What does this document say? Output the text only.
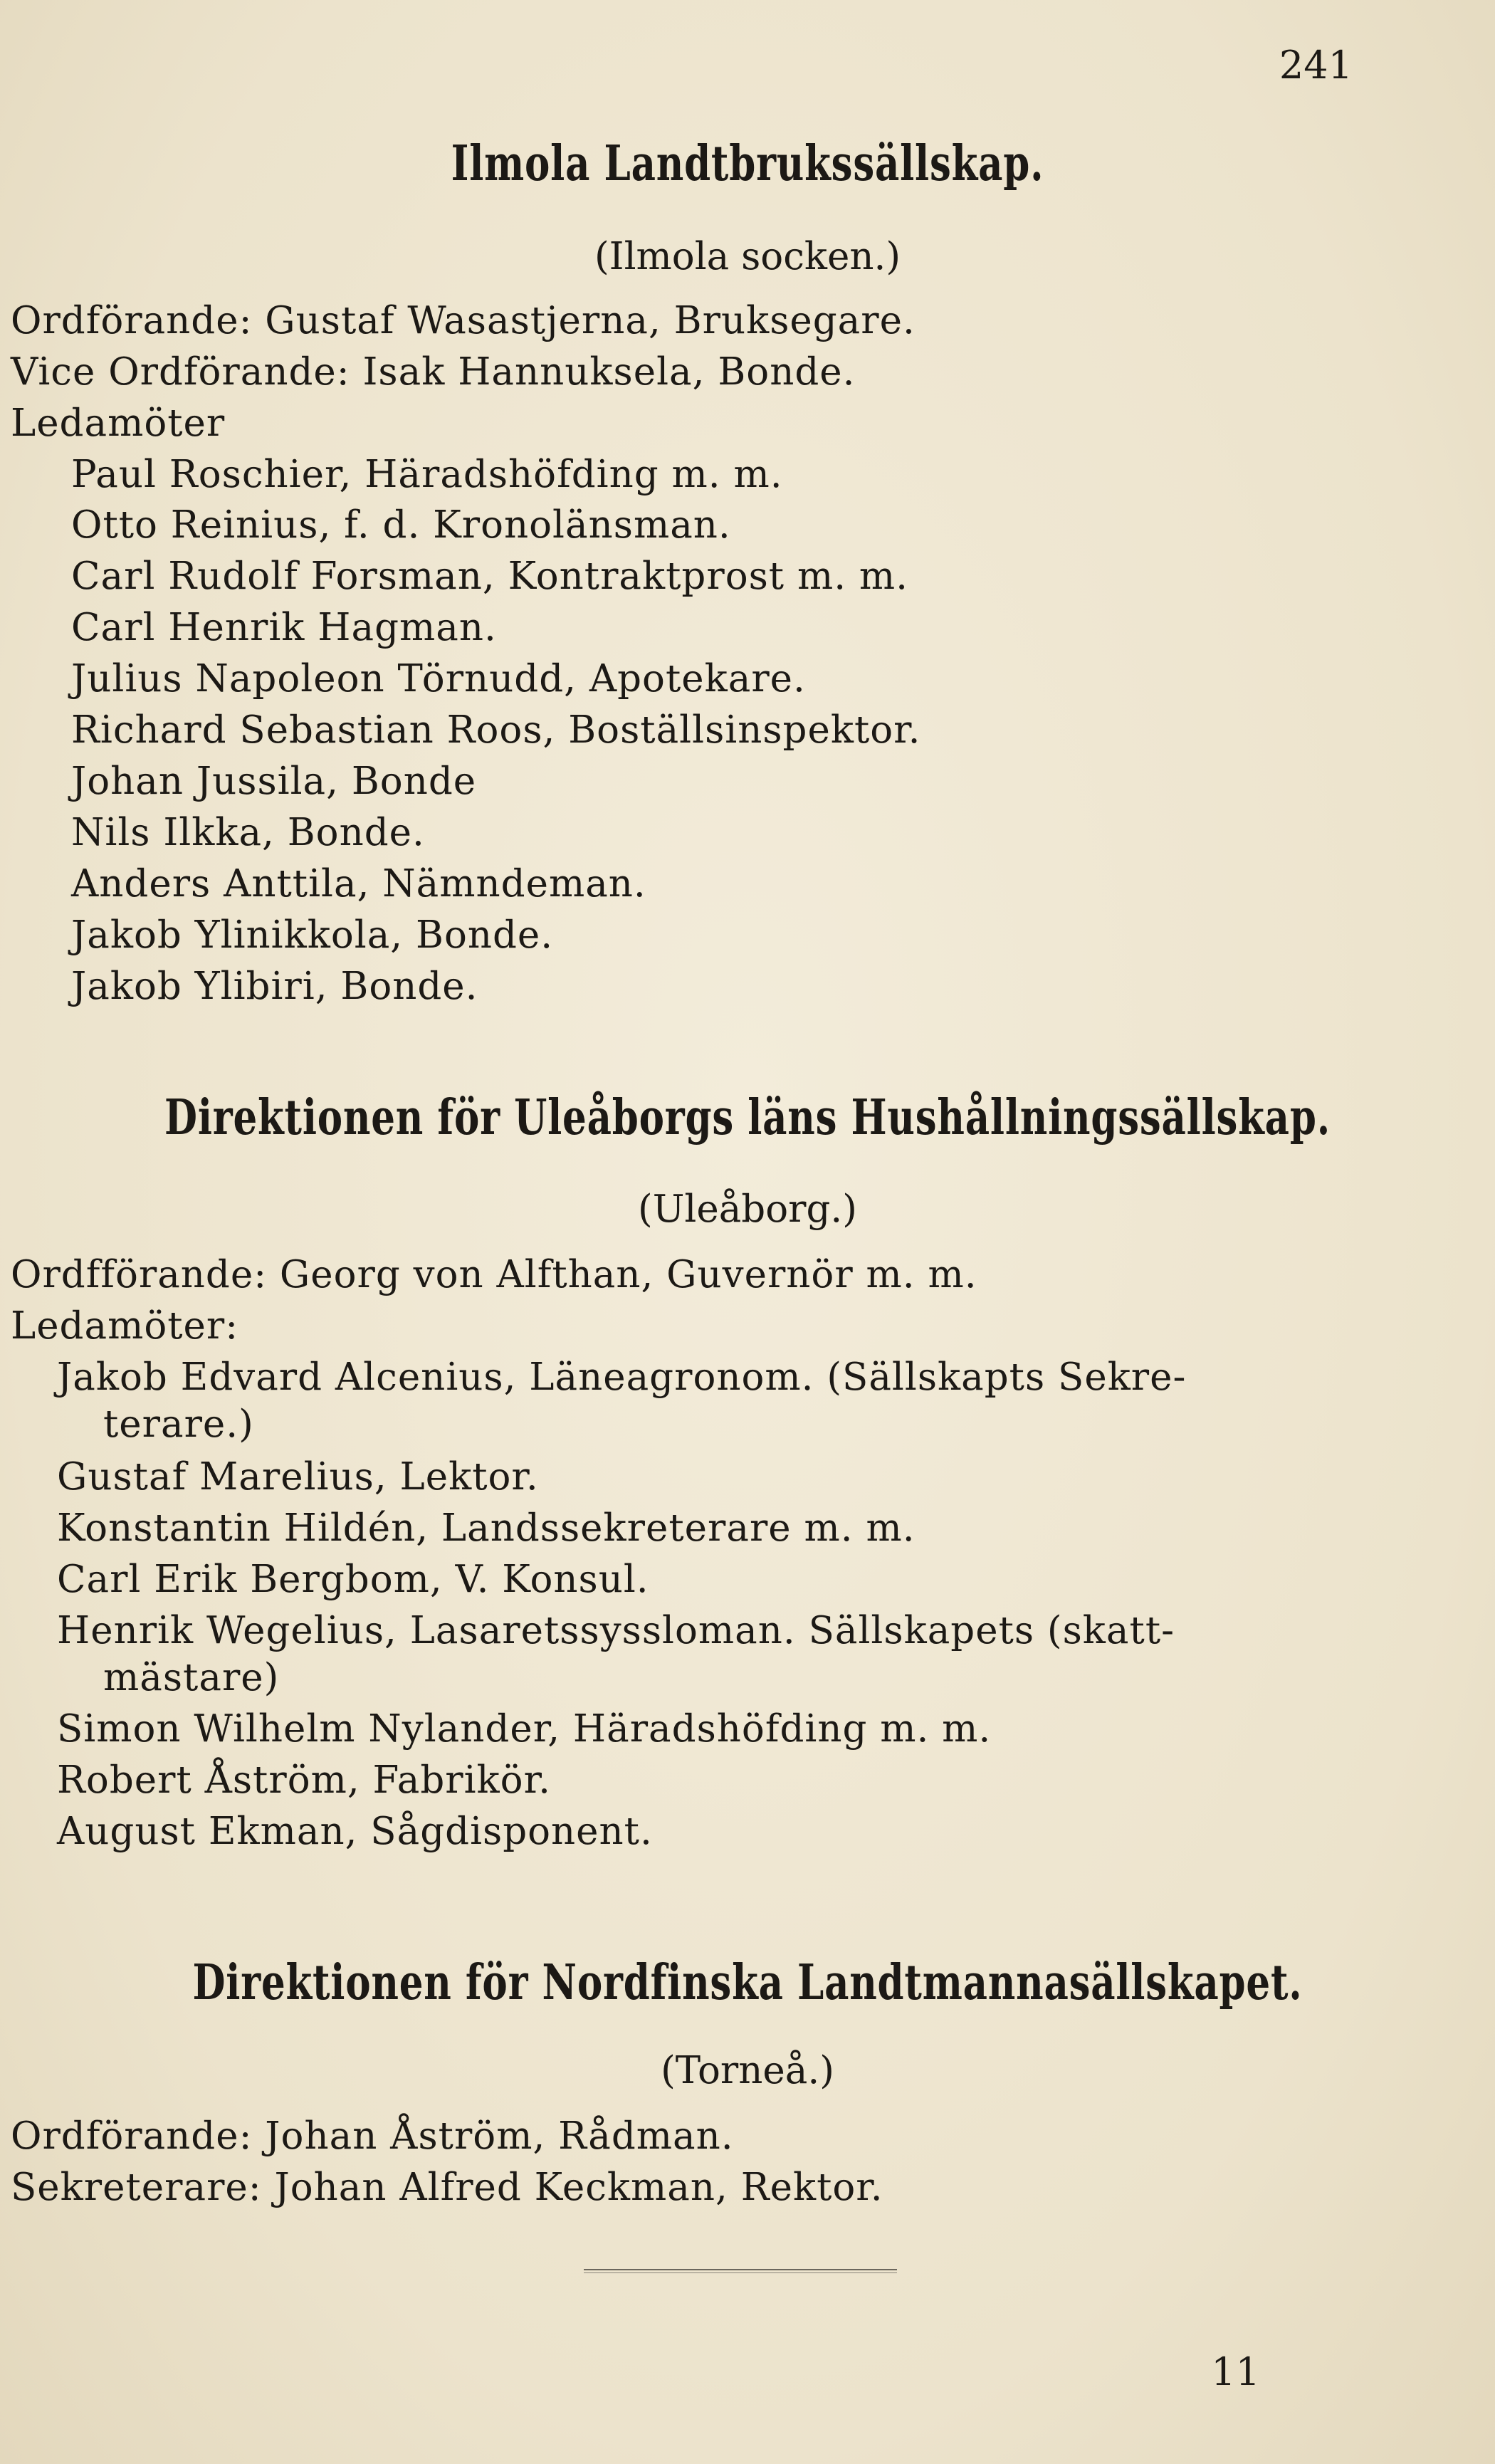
241
Ilmola Landtbrukssällskap.
(Ilmola socken.)
Ordförande: Gustaf Wasastjerna, Bruksegare.
Vice Ordförande: Isak Hannuksela, Bonde.
Ledamöter
Paul Roschier, Häradshöfding m. m.
Otto Reinius, f. d. Kronolänsman.
Carl Rudolf Forsman, Kontraktprost m. m.
Carl Henrik Hagman.
Julius Napoleon Törnudd, Apotekare.
Richard Sebastian Roos, Boställsinspektor.
Johan Jussila, Bonde
Nils Ilkka, Bonde.
Anders Anttila, Nämndeman.
Jakob Ylinikkola, Bonde.
Jakob Ylibiri, Bonde.
Direktionen för Uleåborgs läns Hushållningssällskap.
(Uleåborg.)
Ordfförande: Georg von Alfthan, Guvernör m. m.
Ledamöter:
Jakob Edvard Alcenius, Läneagronom. (Sällskapts Sekre-
terare.)
Gustaf Marelius, Lektor.
Konstantin Hildén, Landssekreterare m. m.
Carl Erik Bergbom, V. Konsul.
Henrik Wegelius, Lasaretssyssloman. Sällskapets (skatt-
mästare)
Simon Wilhelm Nylander, Häradshöfding m. m.
Robert Åström, Fabrikör.
August Ekman, Sågdisponent.
Direktionen för Nordfinska Landtmannasällskapet.
(Torneå.)
Ordförande: Johan Åström, Rådman.
Sekreterare: Johan Alfred Keckman, Rektor.
11
